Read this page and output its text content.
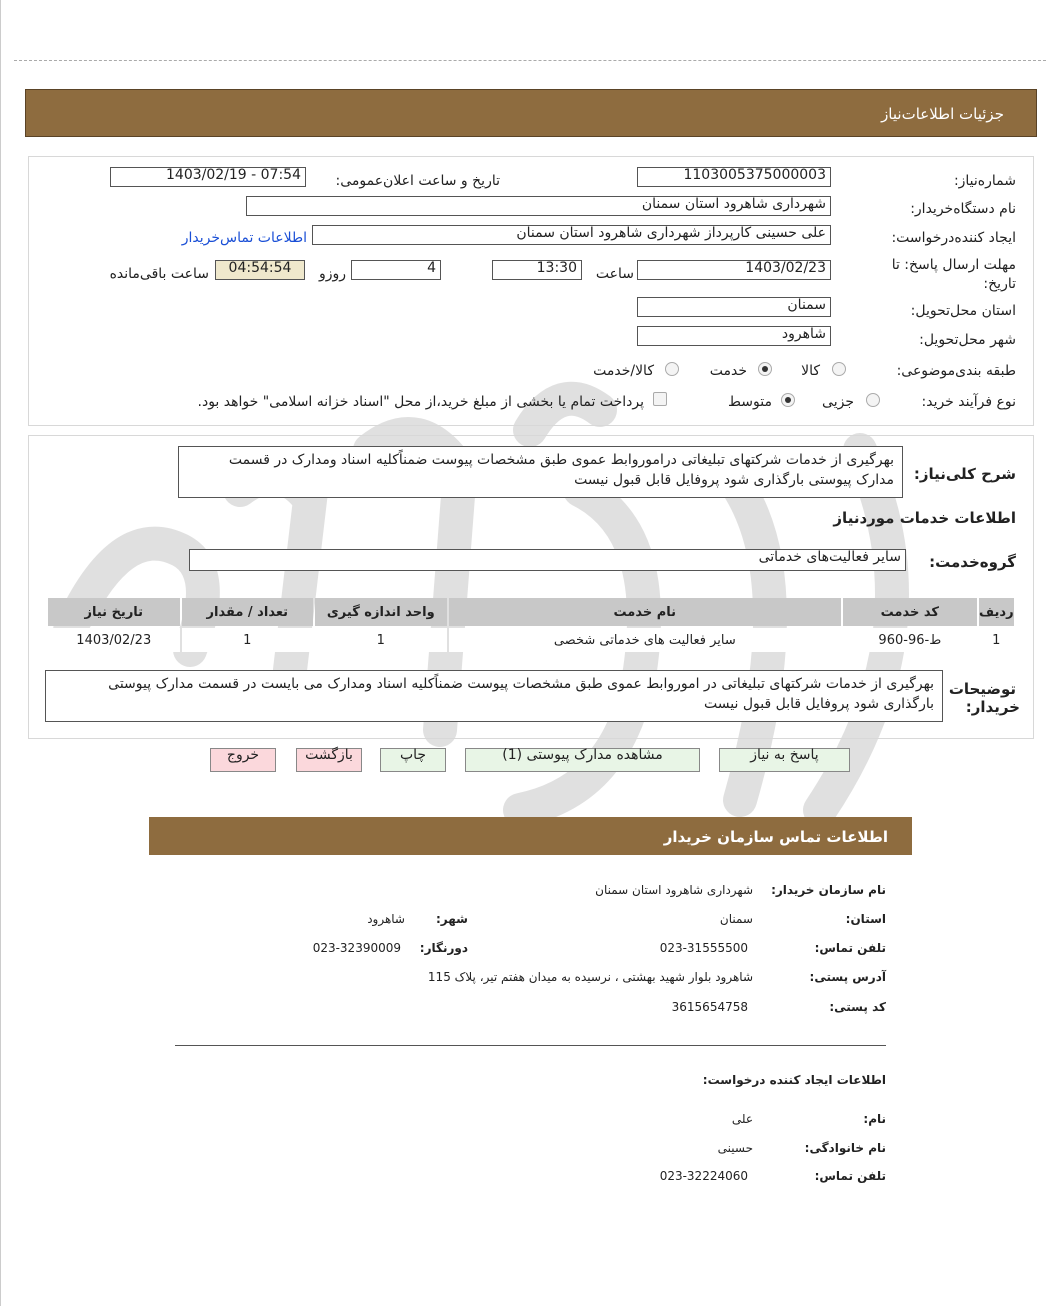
جزئیات اطلاعات‌نیاز
شماره‌نیاز:
1103005375000003
تاریخ و ساعت اعلان‌عمومی:
1403/02/19 - 07:54
نام دستگاه‌خریدار:
شهرداری شاهرود استان سمنان
ایجاد کننده‌درخواست:
علی حسینی کارپرداز شهرداری شاهرود استان سمنان
اطلاعات تماس‌خریدار
مهلت ارسال پاسخ: تا
تاریخ:
1403/02/23
ساعت
13:30
4
روزو
04:54:54
ساعت باقی‌مانده
استان محل‌تحویل:
سمنان
شهر محل‌تحویل:
شاهرود
طبقه بندی‌موضوعی:
کالا
خدمت
کالا/خدمت
نوع فرآیند خرید:
جزیی
متوسط
پرداخت تمام یا بخشی از مبلغ خرید،از محل "اسناد خزانه اسلامی" خواهد بود.
شرح کلی‌نیاز:
بهرگیری از خدمات شرکتهای تبلیغاتی دراموروابط عموی طبق مشخصات پیوست ضمناًکلیه اسناد ومدارک در قسمت مدارک پیوستی بارگذاری شود پروفایل قابل قبول نیست
اطلاعات خدمات موردنیاز
گروه‌خدمت:
سایر فعالیت‌های خدماتی
ردیف	کد خدمت	نام خدمت	واحد اندازه گیری	تعداد / مقدار	تاریخ نیاز
1	ط-96-960	سایر فعالیت های خدماتی شخصی	1	1	1403/02/23
توضیحات
خریدار:
بهرگیری از خدمات شرکتهای تبلیغاتی در اموروابط عموی طبق مشخصات پیوست ضمناًکلیه اسناد ومدارک می بایست در قسمت مدارک پیوستی بارگذاری شود پروفایل قابل قبول نیست
پاسخ به نیاز
مشاهده مدارک پیوستی (1)
چاپ
بازگشت
خروج
اطلاعات تماس سازمان خریدار
نام سازمان خریدار:
شهرداری شاهرود استان سمنان
استان:
سمنان
شهر:
شاهرود
تلفن تماس:
023-31555500
دورنگار:
023-32390009
آدرس پستی:
شاهرود بلوار شهید بهشتی ، نرسیده به میدان هفتم تیر، پلاک 115
کد پستی:
3615654758
اطلاعات ایجاد کننده درخواست:
نام:
علی
نام خانوادگی:
حسینی
تلفن تماس:
023-32224060
